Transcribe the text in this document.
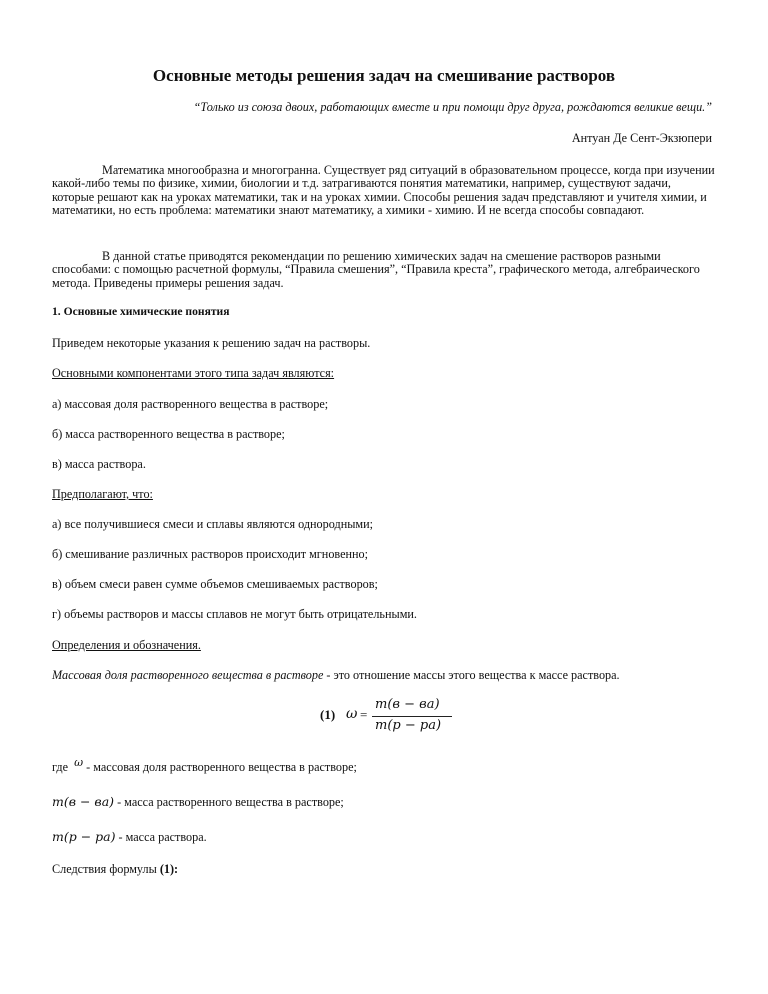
Основные методы решения задач на смешивание растворов
“Только из союза двоих, работающих вместе и при помощи друг друга, рождаются великие вещи.”
Антуан Де Сент-Экзюпери
Математика многообразна и многогранна. Существует ряд ситуаций в образовательном процессе, когда при изучении какой-либо темы по физике, химии, биологии и т.д. затрагиваются понятия математики, например, существуют задачи, которые решают как на уроках математики, так и на уроках химии. Способы решения задач представляют и учителя химии, и математики, но есть проблема: математики знают математику, а химики - химию. И не всегда способы совпадают.
В данной статье приводятся рекомендации по решению химических задач на смешение растворов разными способами: с помощью расчетной формулы, “Правила смешения”, “Правила креста”, графического метода, алгебраического метода. Приведены примеры решения задач.
1. Основные химические понятия
Приведем некоторые указания к решению задач на растворы.
Основными компонентами этого типа задач являются:
а) массовая доля растворенного вещества в растворе;
б) масса растворенного вещества в растворе;
в) масса раствора.
Предполагают, что:
а) все получившиеся смеси и сплавы являются однородными;
б) смешивание различных растворов происходит мгновенно;
в) объем смеси равен сумме объемов смешиваемых растворов;
г) объемы растворов и массы сплавов не могут быть отрицательными.
Определения и обозначения.
Массовая доля растворенного вещества в растворе - это отношение массы этого вещества к массе раствора.
(1) ω =
m(в − ва)
m(p − pa)
где ω - массовая доля растворенного вещества в растворе;
m(в − ва) - масса растворенного вещества в растворе;
m(p − pa) - масса раствора.
Следствия формулы (1):
